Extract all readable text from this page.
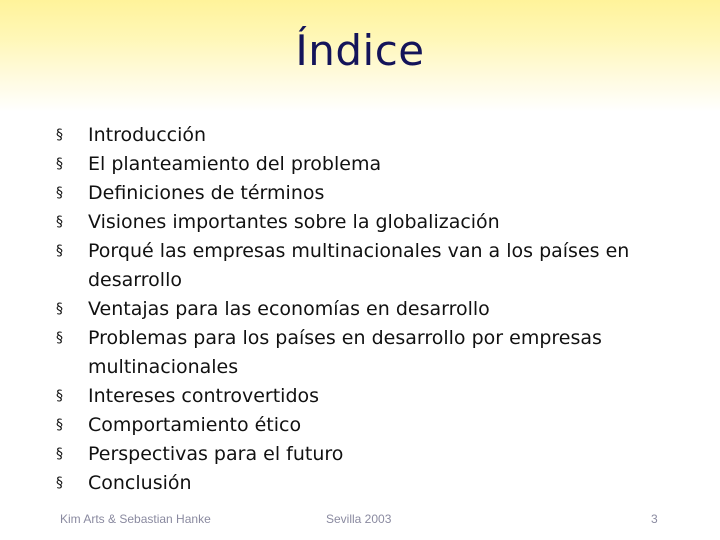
Índice
§ Introducción
§ El planteamiento del problema
§ Definiciones de términos
§ Visiones importantes sobre la globalización
§ Porqué las empresas multinacionales van a los países en desarrollo
§ Ventajas para las economías en desarrollo
§ Problemas para los países en desarrollo por empresas multinacionales
§ Intereses controvertidos
§ Comportamiento ético
§ Perspectivas para el futuro
§ Conclusión
Kim Arts & Sebastian Hanke	Sevilla 2003	3
